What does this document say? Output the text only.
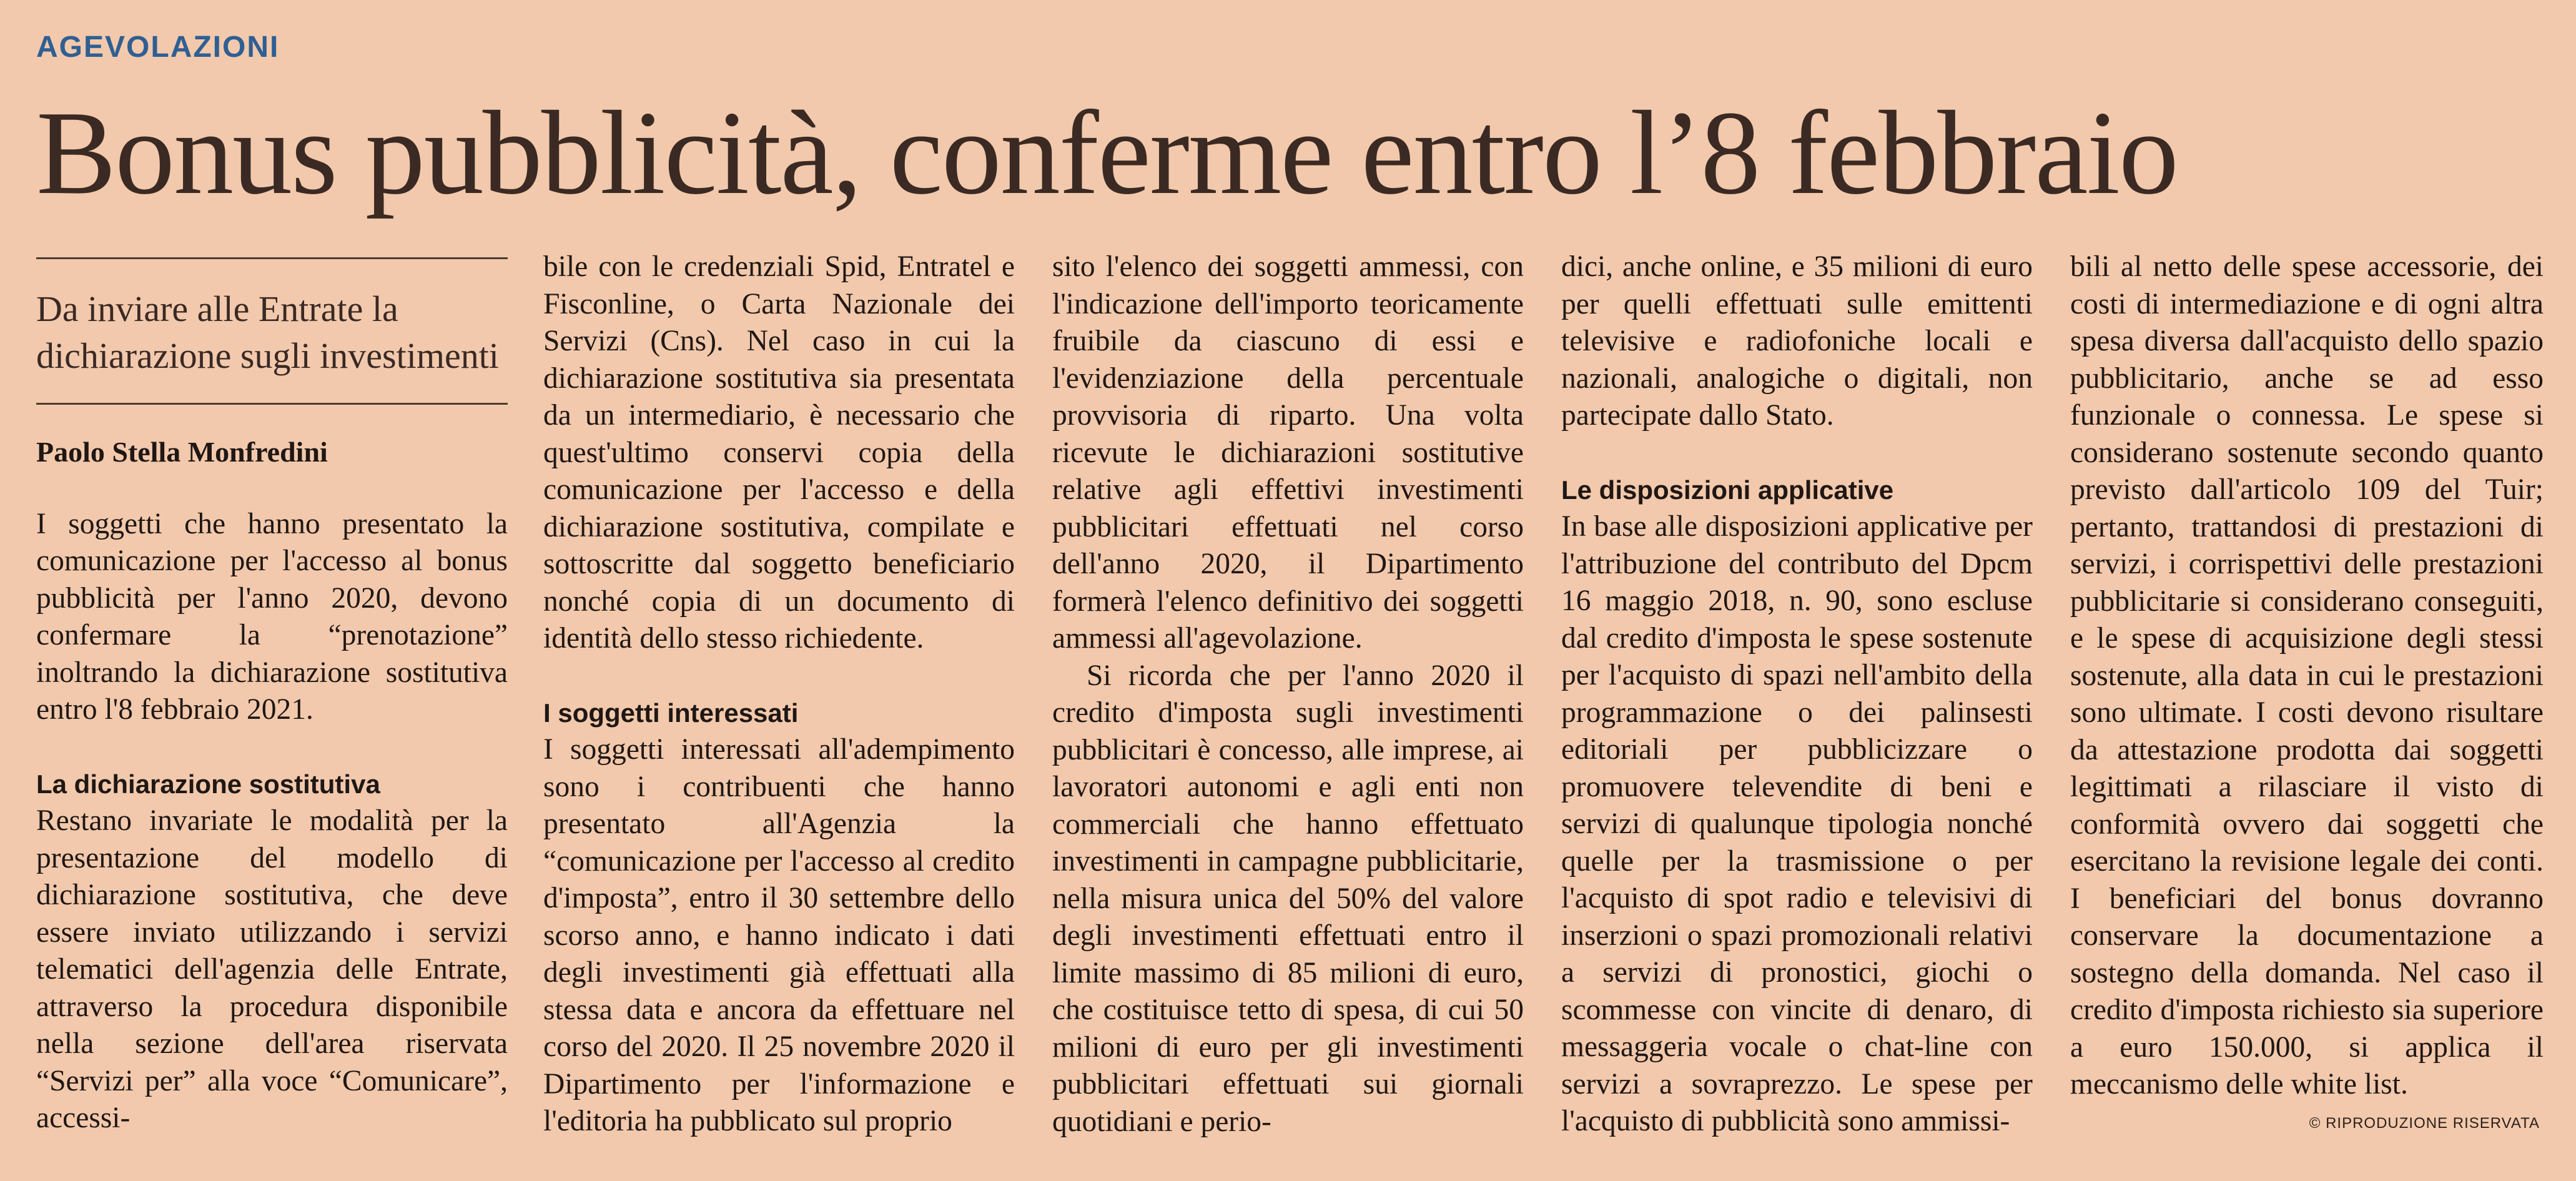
AGEVOLAZIONI
Bonus pubblicità, conferme entro l’8 febbraio
Da inviare alle Entrate la dichiarazione sugli investimenti
Paolo Stella Monfredini

I soggetti che hanno presentato la comunicazione per l'accesso al bonus pubblicità per l'anno 2020, devono confermare la “prenotazione” inoltrando la dichiarazione sostitutiva entro l'8 febbraio 2021.

La dichiarazione sostitutiva

Restano invariate le modalità per la presentazione del modello di dichiarazione sostitutiva, che deve essere inviato utilizzando i servizi telematici dell'agenzia delle Entrate, attraverso la procedura disponibile nella sezione dell'area riservata “Servizi per” alla voce “Comunicare”, accessi-

bile con le credenziali Spid, Entratel e Fisconline, o Carta Nazionale dei Servizi (Cns). Nel caso in cui la dichiarazione sostitutiva sia presentata da un intermediario, è necessario che quest'ultimo conservi copia della comunicazione per l'accesso e della dichiarazione sostitutiva, compilate e sottoscritte dal soggetto beneficiario nonché copia di un documento di identità dello stesso richiedente.

I soggetti interessati

I soggetti interessati all'adempimento sono i contribuenti che hanno presentato all'Agenzia la “comunicazione per l'accesso al credito d'imposta”, entro il 30 settembre dello scorso anno, e hanno indicato i dati degli investimenti già effettuati alla stessa data e ancora da effettuare nel corso del 2020. Il 25 novembre 2020 il Dipartimento per l'informazione e l'editoria ha pubblicato sul proprio

sito l'elenco dei soggetti ammessi, con l'indicazione dell'importo teoricamente fruibile da ciascuno di essi e l'evidenziazione della percentuale provvisoria di riparto. Una volta ricevute le dichiarazioni sostitutive relative agli effettivi investimenti pubblicitari effettuati nel corso dell'anno 2020, il Dipartimento formerà l'elenco definitivo dei soggetti ammessi all'agevolazione.

Si ricorda che per l'anno 2020 il credito d'imposta sugli investimenti pubblicitari è concesso, alle imprese, ai lavoratori autonomi e agli enti non commerciali che hanno effettuato investimenti in campagne pubblicitarie, nella misura unica del 50% del valore degli investimenti effettuati entro il limite massimo di 85 milioni di euro, che costituisce tetto di spesa, di cui 50 milioni di euro per gli investimenti pubblicitari effettuati sui giornali quotidiani e perio-

dici, anche online, e 35 milioni di euro per quelli effettuati sulle emittenti televisive e radiofoniche locali e nazionali, analogiche o digitali, non partecipate dallo Stato.

Le disposizioni applicative

In base alle disposizioni applicative per l'attribuzione del contributo del Dpcm 16 maggio 2018, n. 90, sono escluse dal credito d'imposta le spese sostenute per l'acquisto di spazi nell'ambito della programmazione o dei palinsesti editoriali per pubblicizzare o promuovere televendite di beni e servizi di qualunque tipologia nonché quelle per la trasmissione o per l'acquisto di spot radio e televisivi di inserzioni o spazi promozionali relativi a servizi di pronostici, giochi o scommesse con vincite di denaro, di messaggeria vocale o chat-line con servizi a sovraprezzo. Le spese per l'acquisto di pubblicità sono ammissi-

bili al netto delle spese accessorie, dei costi di intermediazione e di ogni altra spesa diversa dall'acquisto dello spazio pubblicitario, anche se ad esso funzionale o connessa. Le spese si considerano sostenute secondo quanto previsto dall'articolo 109 del Tuir; pertanto, trattandosi di prestazioni di servizi, i corrispettivi delle prestazioni pubblicitarie si considerano conseguiti, e le spese di acquisizione degli stessi sostenute, alla data in cui le prestazioni sono ultimate. I costi devono risultare da attestazione prodotta dai soggetti legittimati a rilasciare il visto di conformità ovvero dai soggetti che esercitano la revisione legale dei conti. I beneficiari del bonus dovranno conservare la documentazione a sostegno della domanda. Nel caso il credito d'imposta richiesto sia superiore a euro 150.000, si applica il meccanismo delle white list.

© RIPRODUZIONE RISERVATA
